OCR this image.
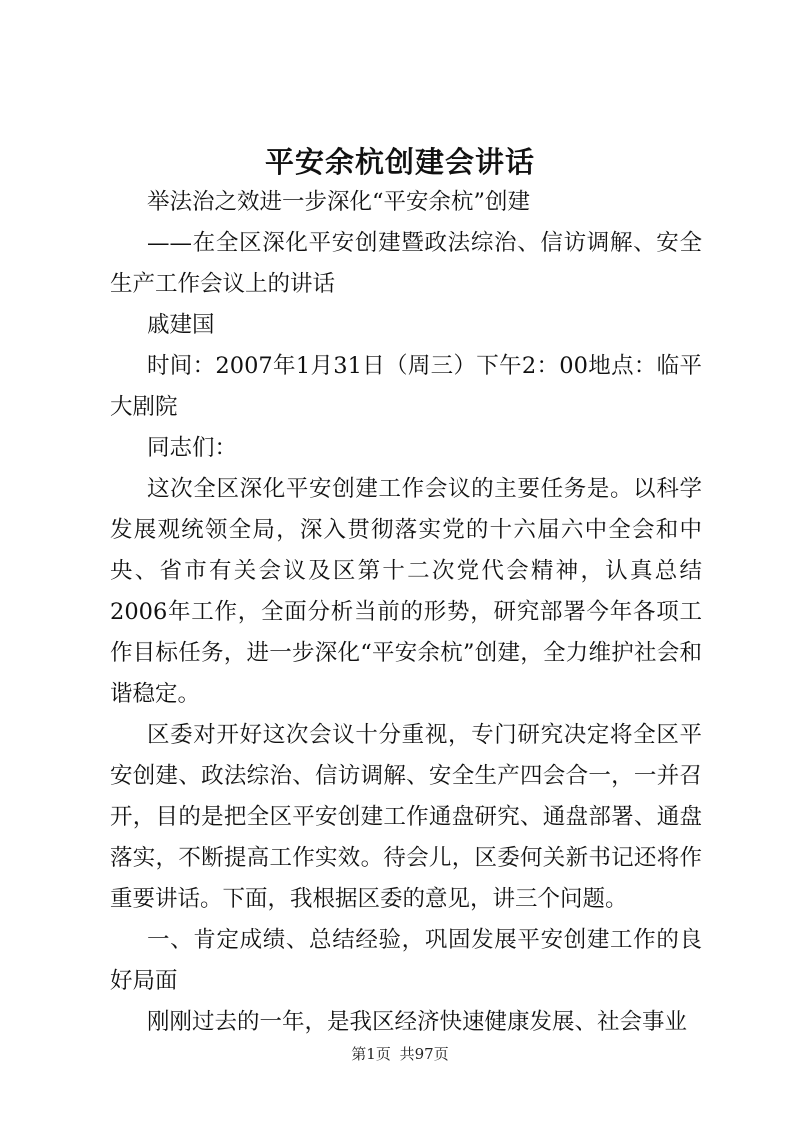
平安余杭创建会讲话

举法治之效进一步深化“平安余杭”创建

——在全区深化平安创建暨政法综治、信访调解、安全生产工作会议上的讲话

戚建国

时间：2007年1月31日（周三）下午2：00地点：临平大剧院

同志们：

这次全区深化平安创建工作会议的主要任务是。以科学发展观统领全局，深入贯彻落实党的十六届六中全会和中央、省市有关会议及区第十二次党代会精神，认真总结2006年工作，全面分析当前的形势，研究部署今年各项工作目标任务，进一步深化“平安余杭”创建，全力维护社会和谐稳定。

区委对开好这次会议十分重视，专门研究决定将全区平安创建、政法综治、信访调解、安全生产四会合一，一并召开，目的是把全区平安创建工作通盘研究、通盘部署、通盘落实，不断提高工作实效。待会儿，区委何关新书记还将作重要讲话。下面，我根据区委的意见，讲三个问题。

一、肯定成绩、总结经验，巩固发展平安创建工作的良好局面

刚刚过去的一年，是我区经济快速健康发展、社会事业

第1页 共97页
